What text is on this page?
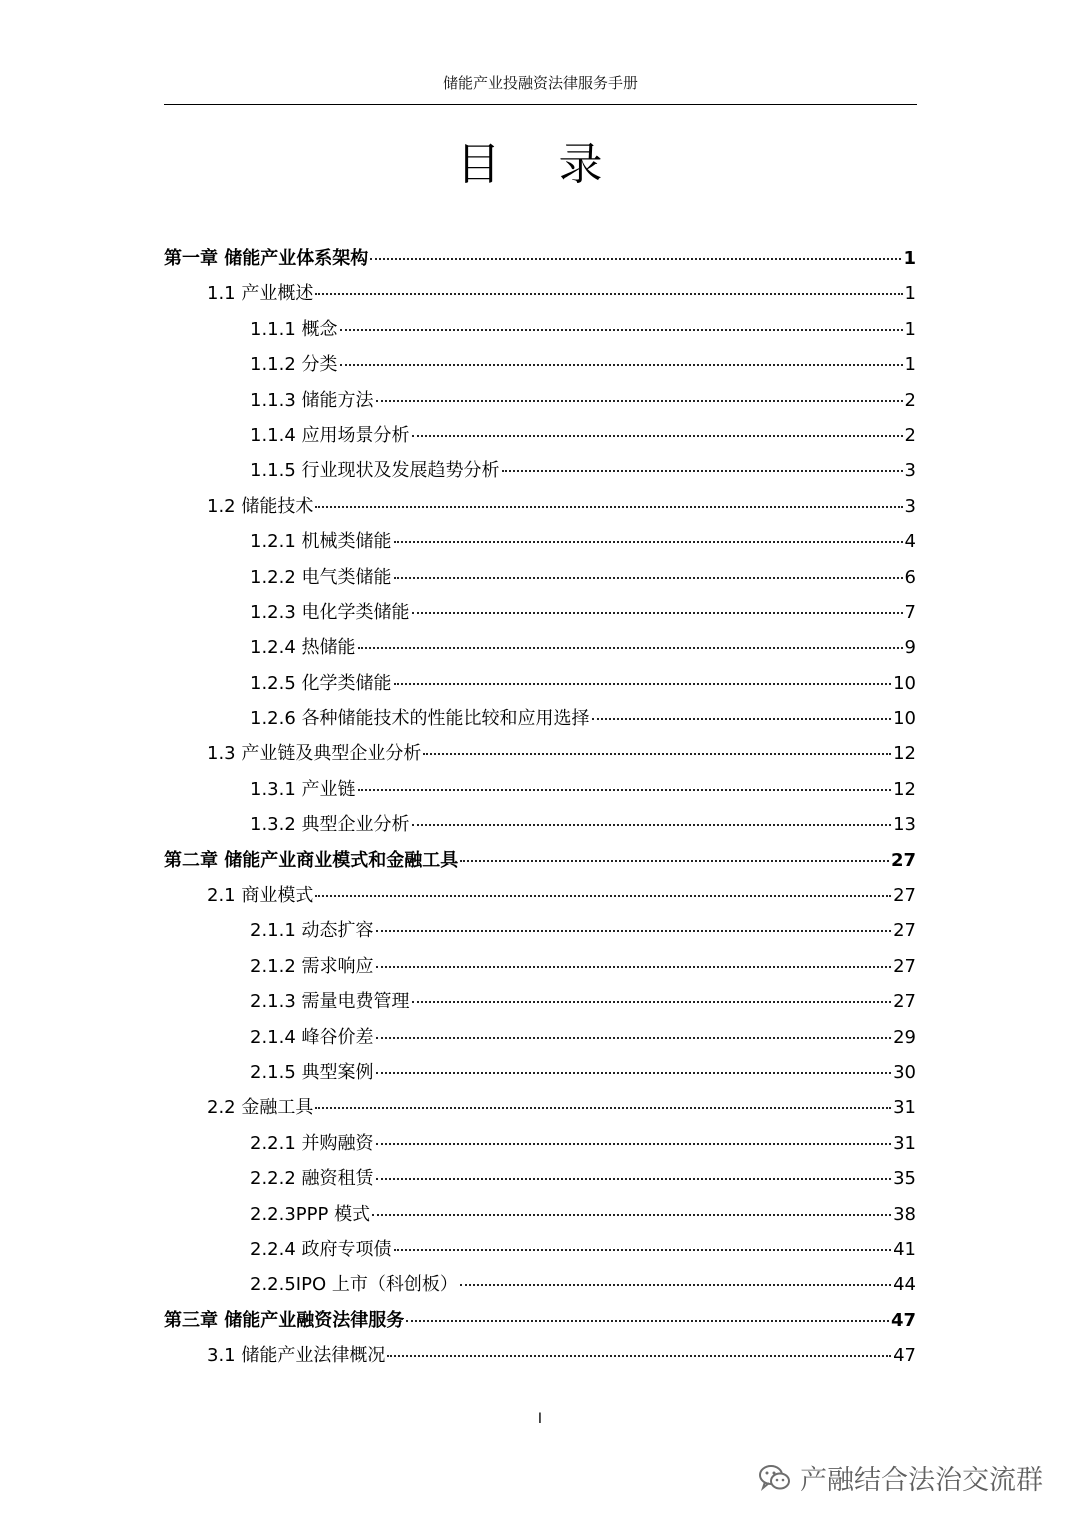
储能产业投融资法律服务手册
目 录
第一章 储能产业体系架构	1
1.1 产业概述	1
1.1.1 概念	1
1.1.2 分类	1
1.1.3 储能方法	2
1.1.4 应用场景分析	2
1.1.5 行业现状及发展趋势分析	3
1.2 储能技术	3
1.2.1 机械类储能	4
1.2.2 电气类储能	6
1.2.3 电化学类储能	7
1.2.4 热储能	9
1.2.5 化学类储能	10
1.2.6 各种储能技术的性能比较和应用选择	10
1.3 产业链及典型企业分析	12
1.3.1 产业链	12
1.3.2 典型企业分析	13
第二章 储能产业商业模式和金融工具	27
2.1 商业模式	27
2.1.1 动态扩容	27
2.1.2 需求响应	27
2.1.3 需量电费管理	27
2.1.4 峰谷价差	29
2.1.5 典型案例	30
2.2 金融工具	31
2.2.1 并购融资	31
2.2.2 融资租赁	35
2.2.3PPP 模式	38
2.2.4 政府专项债	41
2.2.5IPO 上市（科创板）	44
第三章 储能产业融资法律服务	47
3.1 储能产业法律概况	47
I
产融结合法治交流群
